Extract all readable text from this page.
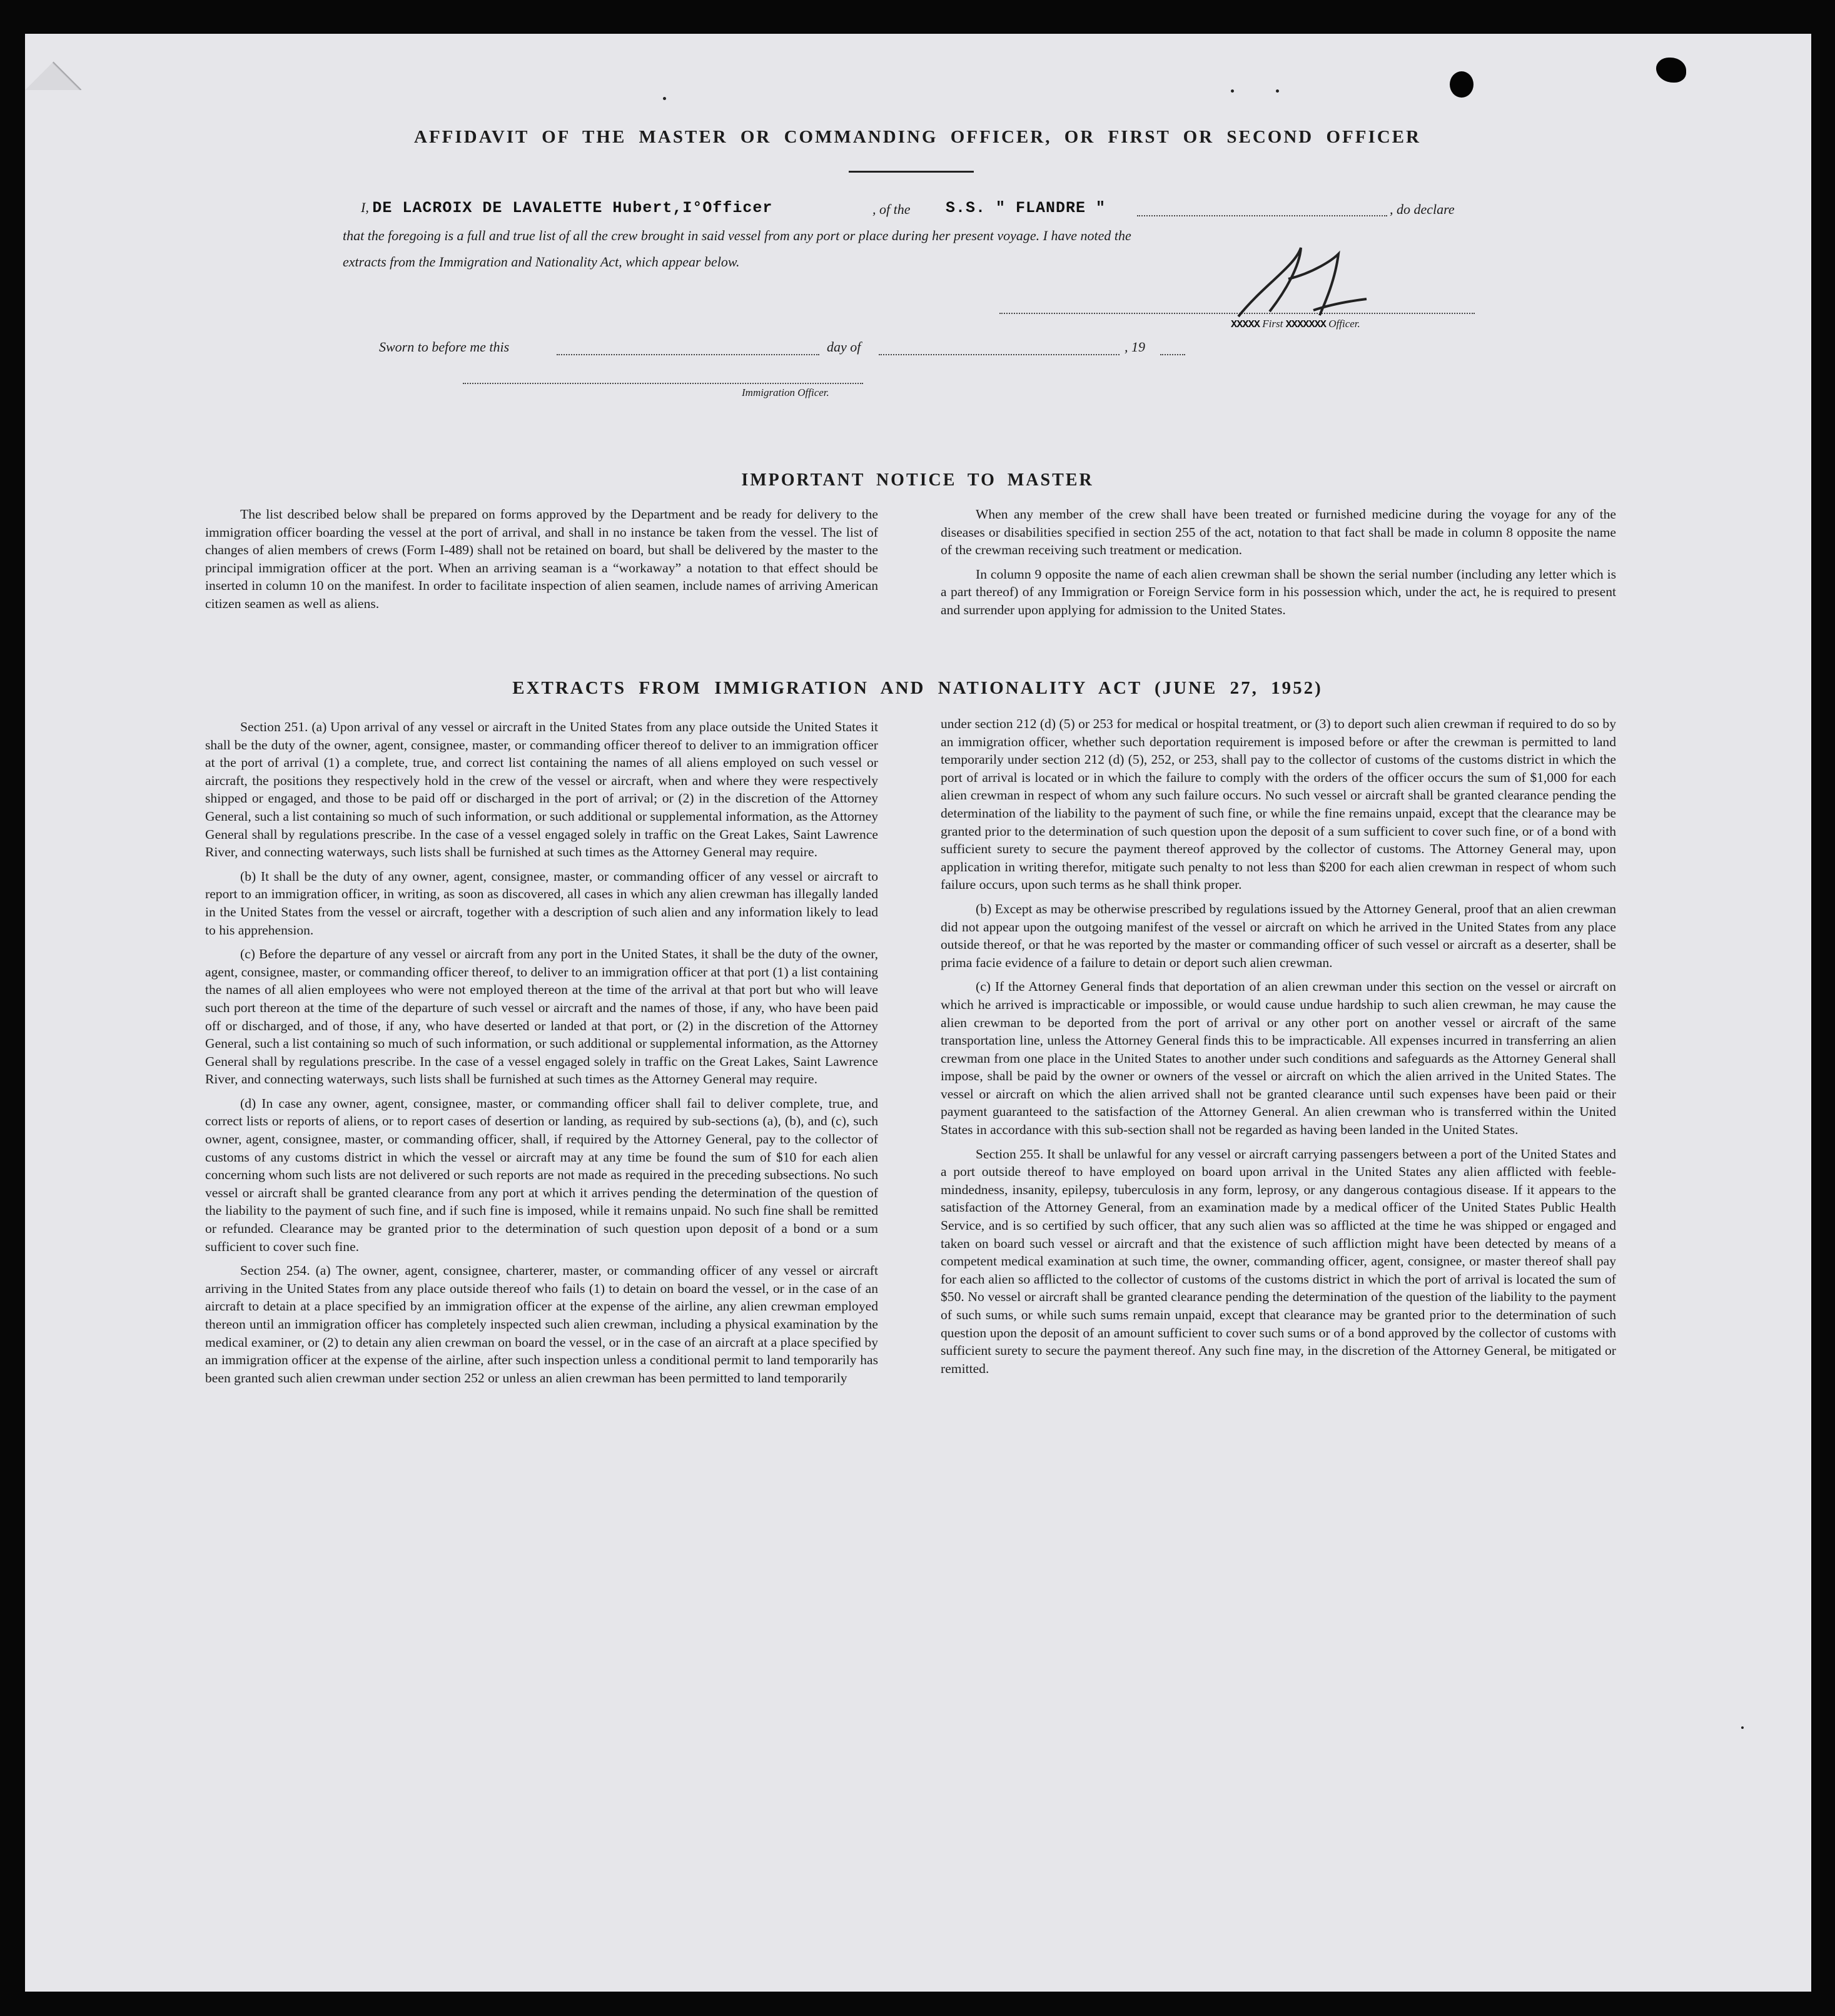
AFFIDAVIT OF THE MASTER OR COMMANDING OFFICER, OR FIRST OR SECOND OFFICER
I, DE LACROIX DE LAVALETTE Hubert,I°Officer	, of the S.S. " FLANDRE "	, do declare
that the foregoing is a full and true list of all the crew brought in said vessel from any port or place during her present voyage. I have noted the
extracts from the Immigration and Nationality Act, which appear below.
XXXXX First XXXXXXX Officer.
Sworn to before me this	day of	, 19
Immigration Officer.
IMPORTANT NOTICE TO MASTER

The list described below shall be prepared on forms approved by the Department and be ready for delivery to the immigration officer boarding the vessel at the port of arrival, and shall in no instance be taken from the vessel. The list of changes of alien members of crews (Form I-489) shall not be retained on board, but shall be delivered by the master to the principal immigration officer at the port. When an arriving seaman is a “workaway” a notation to that effect should be inserted in column 10 on the manifest. In order to facilitate inspection of alien seamen, include names of arriving American citizen seamen as well as aliens.

When any member of the crew shall have been treated or furnished medicine during the voyage for any of the diseases or disabilities specified in section 255 of the act, notation to that fact shall be made in column 8 opposite the name of the crewman receiving such treatment or medication.

In column 9 opposite the name of each alien crewman shall be shown the serial number (including any letter which is a part thereof) of any Immigration or Foreign Service form in his possession which, under the act, he is required to present and surrender upon applying for admission to the United States.

EXTRACTS FROM IMMIGRATION AND NATIONALITY ACT (JUNE 27, 1952)

Section 251. (a) Upon arrival of any vessel or aircraft in the United States from any place outside the United States it shall be the duty of the owner, agent, consignee, master, or commanding officer thereof to deliver to an immigration officer at the port of arrival (1) a complete, true, and correct list containing the names of all aliens employed on such vessel or aircraft, the positions they respectively hold in the crew of the vessel or aircraft, when and where they were respectively shipped or engaged, and those to be paid off or discharged in the port of arrival; or (2) in the discretion of the Attorney General, such a list containing so much of such information, or such additional or supplemental information, as the Attorney General shall by regulations prescribe. In the case of a vessel engaged solely in traffic on the Great Lakes, Saint Lawrence River, and connecting waterways, such lists shall be furnished at such times as the Attorney General may require.

(b) It shall be the duty of any owner, agent, consignee, master, or commanding officer of any vessel or aircraft to report to an immigration officer, in writing, as soon as discovered, all cases in which any alien crewman has illegally landed in the United States from the vessel or aircraft, together with a description of such alien and any information likely to lead to his apprehension.

(c) Before the departure of any vessel or aircraft from any port in the United States, it shall be the duty of the owner, agent, consignee, master, or commanding officer thereof, to deliver to an immigration officer at that port (1) a list containing the names of all alien employees who were not employed thereon at the time of the arrival at that port but who will leave such port thereon at the time of the departure of such vessel or aircraft and the names of those, if any, who have been paid off or discharged, and of those, if any, who have deserted or landed at that port, or (2) in the discretion of the Attorney General, such a list containing so much of such information, or such additional or supplemental information, as the Attorney General shall by regulations prescribe. In the case of a vessel engaged solely in traffic on the Great Lakes, Saint Lawrence River, and connecting waterways, such lists shall be furnished at such times as the Attorney General may require.

(d) In case any owner, agent, consignee, master, or commanding officer shall fail to deliver complete, true, and correct lists or reports of aliens, or to report cases of desertion or landing, as required by sub-sections (a), (b), and (c), such owner, agent, consignee, master, or commanding officer, shall, if required by the Attorney General, pay to the collector of customs of any customs district in which the vessel or aircraft may at any time be found the sum of $10 for each alien concerning whom such lists are not delivered or such reports are not made as required in the preceding subsections. No such vessel or aircraft shall be granted clearance from any port at which it arrives pending the determination of the question of the liability to the payment of such fine, and if such fine is imposed, while it remains unpaid. No such fine shall be remitted or refunded. Clearance may be granted prior to the determination of such question upon deposit of a bond or a sum sufficient to cover such fine.

Section 254. (a) The owner, agent, consignee, charterer, master, or commanding officer of any vessel or aircraft arriving in the United States from any place outside thereof who fails (1) to detain on board the vessel, or in the case of an aircraft to detain at a place specified by an immigration officer at the expense of the airline, any alien crewman employed thereon until an immigration officer has completely inspected such alien crewman, including a physical examination by the medical examiner, or (2) to detain any alien crewman on board the vessel, or in the case of an aircraft at a place specified by an immigration officer at the expense of the airline, after such inspection unless a conditional permit to land temporarily has been granted such alien crewman under section 252 or unless an alien crewman has been permitted to land temporarily

under section 212 (d) (5) or 253 for medical or hospital treatment, or (3) to deport such alien crewman if required to do so by an immigration officer, whether such deportation requirement is imposed before or after the crewman is permitted to land temporarily under section 212 (d) (5), 252, or 253, shall pay to the collector of customs of the customs district in which the port of arrival is located or in which the failure to comply with the orders of the officer occurs the sum of $1,000 for each alien crewman in respect of whom any such failure occurs. No such vessel or aircraft shall be granted clearance pending the determination of the liability to the payment of such fine, or while the fine remains unpaid, except that the clearance may be granted prior to the determination of such question upon the deposit of a sum sufficient to cover such fine, or of a bond with sufficient surety to secure the payment thereof approved by the collector of customs. The Attorney General may, upon application in writing therefor, mitigate such penalty to not less than $200 for each alien crewman in respect of whom such failure occurs, upon such terms as he shall think proper.

(b) Except as may be otherwise prescribed by regulations issued by the Attorney General, proof that an alien crewman did not appear upon the outgoing manifest of the vessel or aircraft on which he arrived in the United States from any place outside thereof, or that he was reported by the master or commanding officer of such vessel or aircraft as a deserter, shall be prima facie evidence of a failure to detain or deport such alien crewman.

(c) If the Attorney General finds that deportation of an alien crewman under this section on the vessel or aircraft on which he arrived is impracticable or impossible, or would cause undue hardship to such alien crewman, he may cause the alien crewman to be deported from the port of arrival or any other port on another vessel or aircraft of the same transportation line, unless the Attorney General finds this to be impracticable. All expenses incurred in transferring an alien crewman from one place in the United States to another under such conditions and safeguards as the Attorney General shall impose, shall be paid by the owner or owners of the vessel or aircraft on which the alien arrived in the United States. The vessel or aircraft on which the alien arrived shall not be granted clearance until such expenses have been paid or their payment guaranteed to the satisfaction of the Attorney General. An alien crewman who is transferred within the United States in accordance with this sub-section shall not be regarded as having been landed in the United States.

Section 255. It shall be unlawful for any vessel or aircraft carrying passengers between a port of the United States and a port outside thereof to have employed on board upon arrival in the United States any alien afflicted with feeble-mindedness, insanity, epilepsy, tuberculosis in any form, leprosy, or any dangerous contagious disease. If it appears to the satisfaction of the Attorney General, from an examination made by a medical officer of the United States Public Health Service, and is so certified by such officer, that any such alien was so afflicted at the time he was shipped or engaged and taken on board such vessel or aircraft and that the existence of such affliction might have been detected by means of a competent medical examination at such time, the owner, commanding officer, agent, consignee, or master thereof shall pay for each alien so afflicted to the collector of customs of the customs district in which the port of arrival is located the sum of $50. No vessel or aircraft shall be granted clearance pending the determination of the question of the liability to the payment of such sums, or while such sums remain unpaid, except that clearance may be granted prior to the determination of such question upon the deposit of an amount sufficient to cover such sums or of a bond approved by the collector of customs with sufficient surety to secure the payment thereof. Any such fine may, in the discretion of the Attorney General, be mitigated or remitted.
